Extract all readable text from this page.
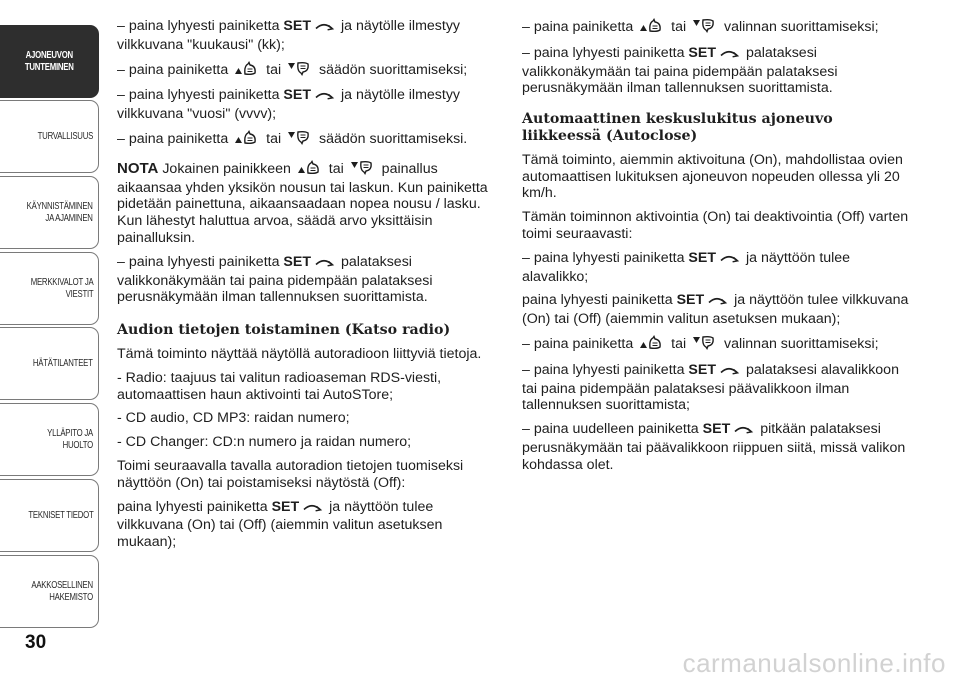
AJONEUVON
TUNTEMINEN
TURVALLISUUS
KÄYNNISTÄMINEN
JA AJAMINEN
MERKKIVALOT JA
VIESTIT
HÄTÄTILANTEET
YLLÄPITO JA HUOLTO
TEKNISET TIEDOT
AAKKOSELLINEN
HAKEMISTO
30
carmanualsonline.info

– paina lyhyesti painiketta SET ja näytölle ilmestyy vilkkuvana "kuukausi" (kk);

– paina painiketta  tai  säädön suorittamiseksi;

– paina lyhyesti painiketta SET ja näytölle ilmestyy vilkkuvana "vuosi" (vvvv);

– paina painiketta  tai  säädön suorittamiseksi.

NOTA Jokainen painikkeen  tai  painallus aikaansaa yhden yksikön nousun tai laskun. Kun painiketta pidetään painettuna, aikaansaadaan nopea nousu / lasku. Kun lähestyt haluttua arvoa, säädä arvo yksittäisin painalluksin.

– paina lyhyesti painiketta SET palataksesi valikkonäkymään tai paina pidempään palataksesi perusnäkymään ilman tallennuksen suorittamista.

Audion tietojen toistaminen (Katso radio)

Tämä toiminto näyttää näytöllä autoradioon liittyviä tietoja.

- Radio: taajuus tai valitun radioaseman RDS-viesti, automaattisen haun aktivointi tai AutoSTore;

- CD audio, CD MP3: raidan numero;

- CD Changer: CD:n numero ja raidan numero;

Toimi seuraavalla tavalla autoradion tietojen tuomiseksi näyttöön (On) tai poistamiseksi näytöstä (Off):

paina lyhyesti painiketta SET ja näyttöön tulee vilkkuvana (On) tai (Off) (aiemmin valitun asetuksen mukaan);

– paina painiketta  tai  valinnan suorittamiseksi;

– paina lyhyesti painiketta SET palataksesi valikkonäkymään tai paina pidempään palataksesi perusnäkymään ilman tallennuksen suorittamista.

Automaattinen keskuslukitus ajoneuvo liikkeessä (Autoclose)

Tämä toiminto, aiemmin aktivoituna (On), mahdollistaa ovien automaattisen lukituksen ajoneuvon nopeuden ollessa yli 20 km/h.

Tämän toiminnon aktivointia (On) tai deaktivointia (Off) varten toimi seuraavasti:

– paina lyhyesti painiketta SET ja näyttöön tulee alavalikko;

paina lyhyesti painiketta SET ja näyttöön tulee vilkkuvana (On) tai (Off) (aiemmin valitun asetuksen mukaan);

– paina painiketta  tai  valinnan suorittamiseksi;

– paina lyhyesti painiketta SET palataksesi alavalikkoon tai paina pidempään palataksesi päävalikkoon ilman tallennuksen suorittamista;

– paina uudelleen painiketta SET pitkään palataksesi perusnäkymään tai päävalikkoon riippuen siitä, missä valikon kohdassa olet.
